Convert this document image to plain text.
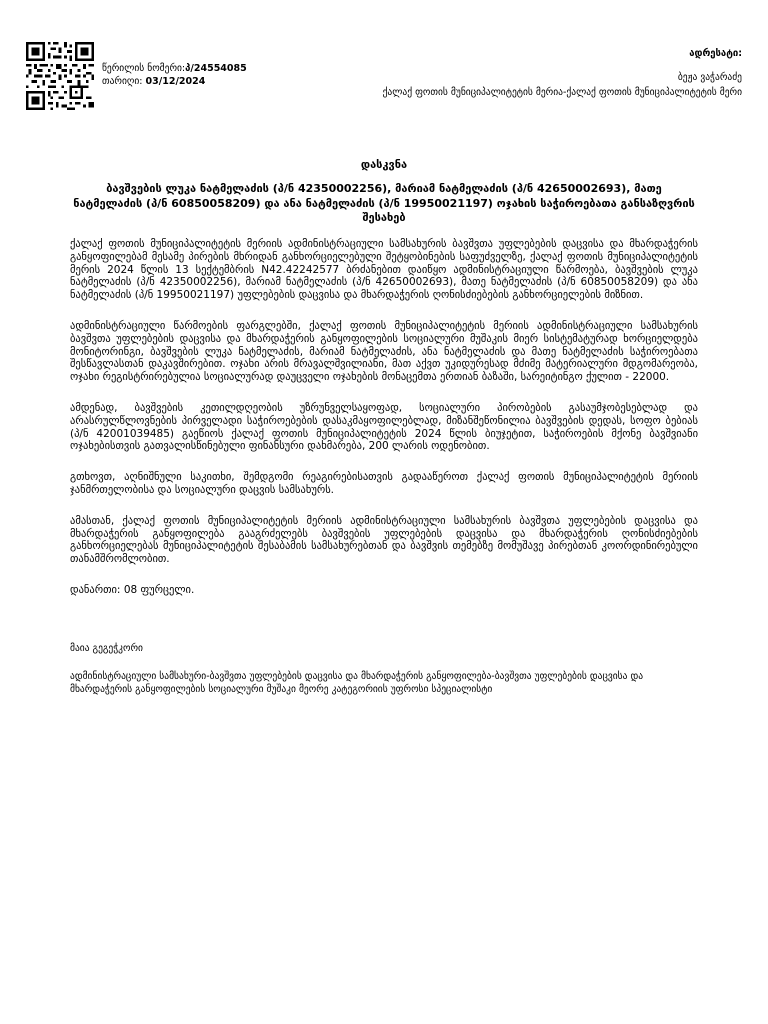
წერილის ნომერი:პ/24554085
თარიღი: 03/12/2024
ადრესატი:
ბეჟა ვაჭარაძე
ქალაქ ფოთის მუნიციპალიტეტის მერია-ქალაქ ფოთის მუნიციპალიტეტის მერი
დასკვნა
ბავშვების ლუკა ნატმელაძის (პ/ნ 42350002256), მარიამ ნატმელაძის (პ/ნ 42650002693), მათე ნატმელაძის (პ/ნ 60850058209) და ანა ნატმელაძის (პ/ნ 19950021197) ოჯახის საჭიროებათა განსაზღვრის შესახებ

ქალაქ ფოთის მუნიციპალიტეტის მერიის ადმინისტრაციული სამსახურის ბავშვთა უფლებების დაცვისა და მხარდაჭერის განყოფილებამ მესამე პირების მხრიდან განხორციელებული შეტყობინების საფუძველზე, ქალაქ ფოთის მუნიციპალიტეტის მერის 2024 წლის 13 სექტემბრის N42.42242577 ბრძანებით დაიწყო ადმინისტრაციული წარმოება, ბავშვების ლუკა ნატმელაძის (პ/ნ 42350002256), მარიამ ნატმელაძის (პ/ნ 42650002693), მათე ნატმელაძის (პ/ნ 60850058209) და ანა ნატმელაძის (პ/ნ 19950021197) უფლებების დაცვისა და მხარდაჭერის ღონისძიებების განხორციელების მიზნით.

ადმინისტრაციული წარმოების ფარგლებში, ქალაქ ფოთის მუნიციპალიტეტის მერიის ადმინისტრაციული სამსახურის ბავშვთა უფლებების დაცვისა და მხარდაჭერის განყოფილების სოციალური მუშაკის მიერ სისტემატურად ხორციელდება მონიტორინგი, ბავშვების ლუკა ნატმელაძის, მარიამ ნატმელაძის, ანა ნატმელაძის და მათე ნატმელაძის საჭიროებათა შესწავლასთან დაკავშირებით. ოჯახი არის მრავალშვილიანი, მათ აქვთ უკიდურესად მძიმე მატერიალური მდგომარეობა, ოჯახი რეგისტრირებულია სოციალურად დაუცველი ოჯახების მონაცემთა ერთიან ბაზაში, სარეიტინგო ქულით - 22000.

ამდენად, ბავშვების კეთილდღეობის უზრუნველსაყოფად, სოციალური პირობების გასაუმჯობესებლად და არასრულწლოვნების პირველადი საჭიროებების დასაკმაყოფილებლად, მიზანშეწონილია ბავშვების დედას, სოფო ბებიას (პ/ნ 42001039485) გაეწიოს ქალაქ ფოთის მუნიციპალიტეტის 2024 წლის ბიუჯეტით, საჭიროების მქონე ბავშვიანი ოჯახებისთვის გათვალისწინებული ფინანსური დახმარება, 200 ლარის ოდენობით.

გთხოვთ, აღნიშნული საკითხი, შემდგომი რეაგირებისათვის გადააწეროთ ქალაქ ფოთის მუნიციპალიტეტის მერიის ჯანმრთელობისა და სოციალური დაცვის სამსახურს.

ამასთან, ქალაქ ფოთის მუნიციპალიტეტის მერიის ადმინისტრაციული სამსახურის ბავშვთა უფლებების დაცვისა და მხარდაჭერის განყოფილება გააგრძელებს ბავშვების უფლებების დაცვისა და მხარდაჭერის ღონისძიებების განხორციელებას მუნიციპალიტეტის შესაბამის სამსახურებთან და ბავშვის თემებზე მომუშავე პირებთან კოორდინირებული თანამშრომლობით.

დანართი: 08 ფურცელი.

მაია გეგეჭკორი
ადმინისტრაციული სამსახური-ბავშვთა უფლებების დაცვისა და მხარდაჭერის განყოფილება-ბავშვთა უფლებების დაცვისა და მხარდაჭერის განყოფილების სოციალური მუშაკი მეორე კატეგორიის უფროსი სპეციალისტი
